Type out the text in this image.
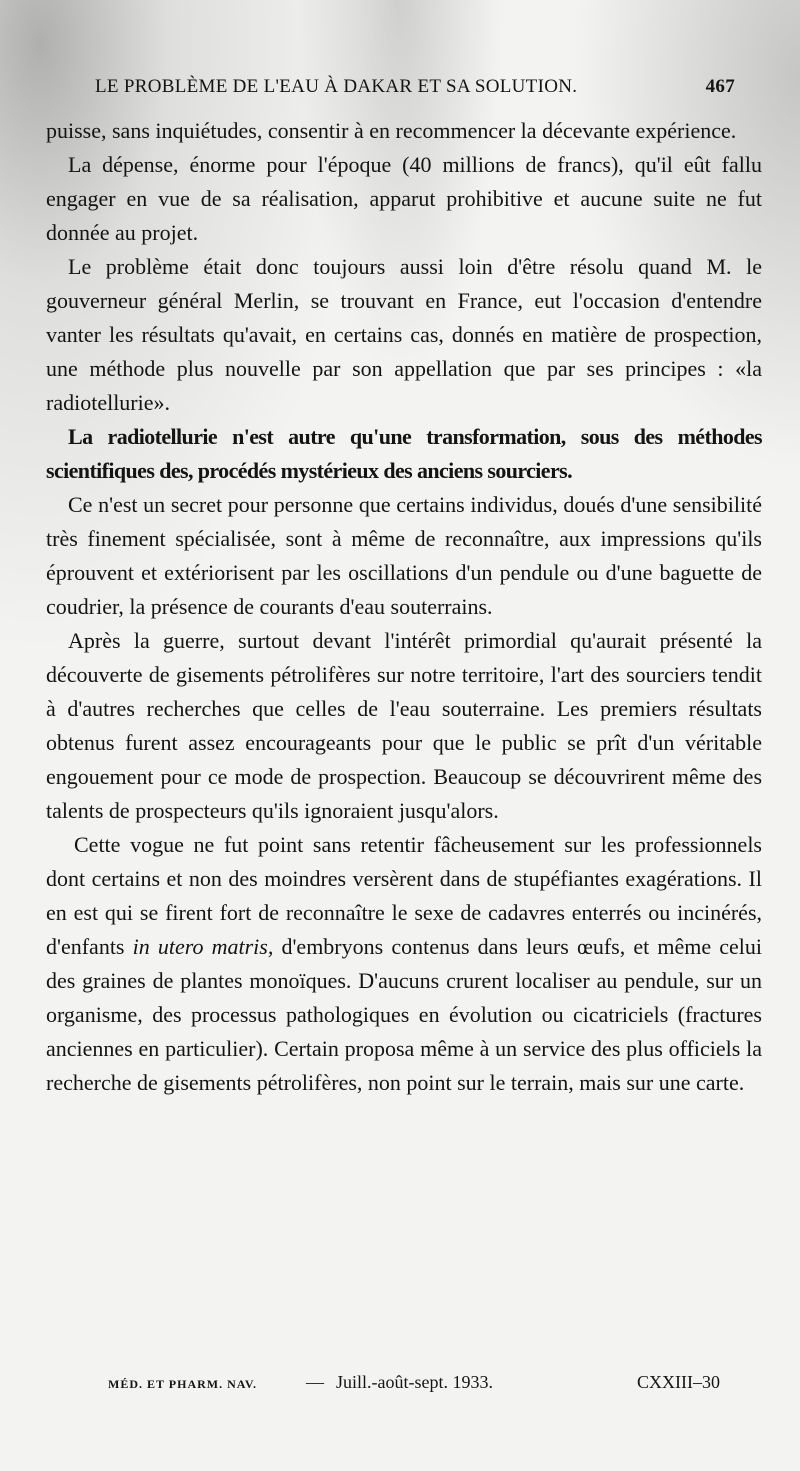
LE PROBLÈME DE L'EAU À DAKAR ET SA SOLUTION.	467

puisse, sans inquiétudes, consentir à en recommencer la décevante expérience.

La dépense, énorme pour l'époque (40 millions de francs), qu'il eût fallu engager en vue de sa réalisation, apparut prohibitive et aucune suite ne fut donnée au projet.

Le problème était donc toujours aussi loin d'être résolu quand M. le gouverneur général Merlin, se trouvant en France, eut l'occasion d'entendre vanter les résultats qu'avait, en certains cas, donnés en matière de prospection, une méthode plus nouvelle par son appellation que par ses principes : «la radiotellurie».

La radiotellurie n'est autre qu'une transformation, sous des méthodes scientifiques des, procédés mystérieux des anciens sourciers.

Ce n'est un secret pour personne que certains individus, doués d'une sensibilité très finement spécialisée, sont à même de reconnaître, aux impressions qu'ils éprouvent et extériorisent par les oscillations d'un pendule ou d'une baguette de coudrier, la présence de courants d'eau souterrains.

Après la guerre, surtout devant l'intérêt primordial qu'aurait présenté la découverte de gisements pétrolifères sur notre territoire, l'art des sourciers tendit à d'autres recherches que celles de l'eau souterraine. Les premiers résultats obtenus furent assez encourageants pour que le public se prît d'un véritable engouement pour ce mode de prospection. Beaucoup se découvrirent même des talents de prospecteurs qu'ils ignoraient jusqu'alors.

Cette vogue ne fut point sans retentir fâcheusement sur les professionnels dont certains et non des moindres versèrent dans de stupéfiantes exagérations. Il en est qui se firent fort de reconnaître le sexe de cadavres enterrés ou incinérés, d'enfants in utero matris, d'embryons contenus dans leurs œufs, et même celui des graines de plantes monoïques. D'aucuns crurent localiser au pendule, sur un organisme, des processus pathologiques en évolution ou cicatriciels (fractures anciennes en particulier). Certain proposa même à un service des plus officiels la recherche de gisements pétrolifères, non point sur le terrain, mais sur une carte.

MÉD. ET PHARM. NAV.	— Juill.-août-sept. 1933.	CXXIII–30
